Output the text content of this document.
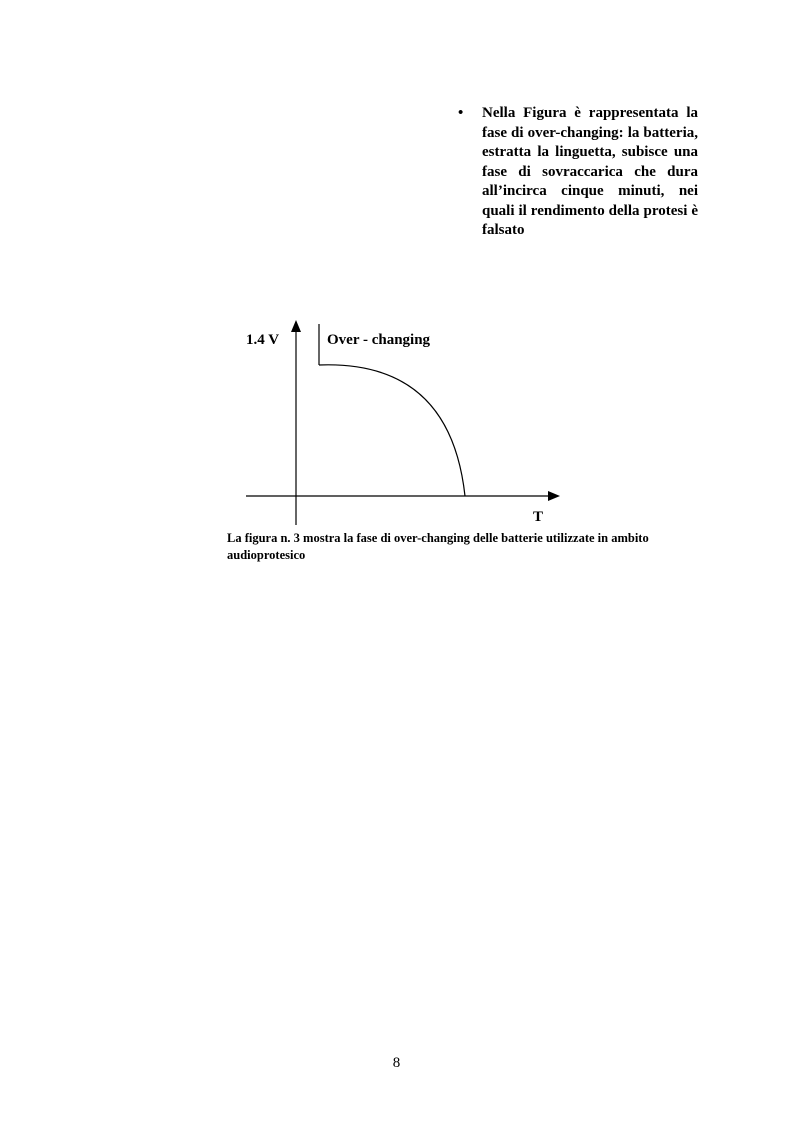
• Nella Figura è rappresentata la fase di over-changing: la batteria, estratta la linguetta, subisce una fase di sovraccarica che dura all’incirca cinque minuti, nei quali il rendimento della protesi è falsato

1.4 V	Over - changing
T

La figura n. 3 mostra la fase di over-changing delle batterie utilizzate in ambito audioprotesico

8
